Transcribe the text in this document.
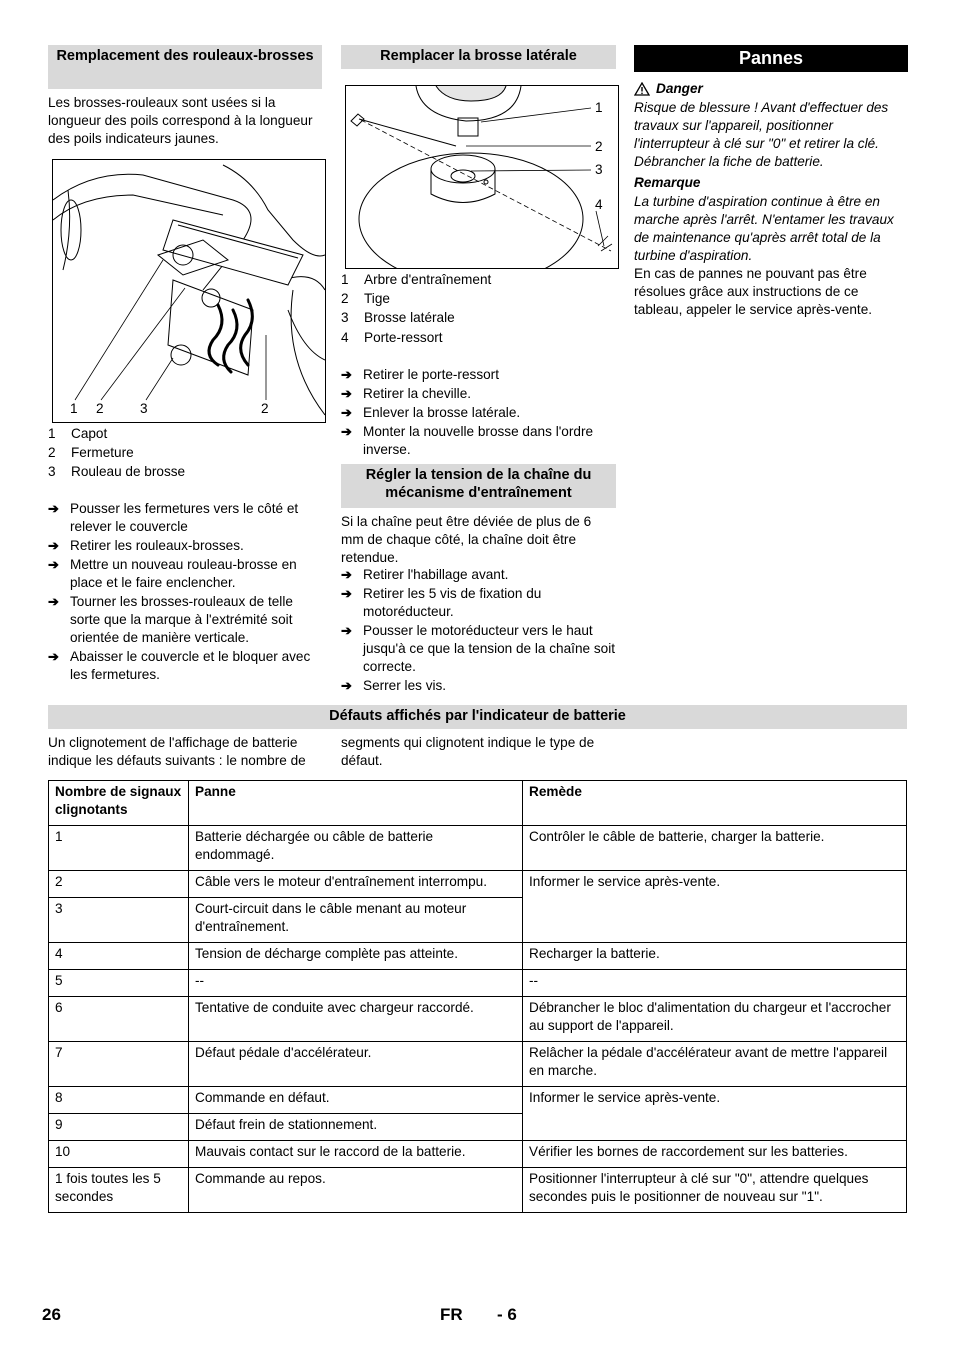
Remplacement des rouleaux-brosses
Les brosses-rouleaux sont usées si la longueur des poils correspond à la longueur des poils indicateurs jaunes.
1 2	3	2
1	Capot
2	Fermeture
3	Rouleau de brosse
➔ Pousser les fermetures vers le côté et relever le couvercle
➔ Retirer les rouleaux-brosses.
➔ Mettre un nouveau rouleau-brosse en place et le faire enclencher.
➔ Tourner les brosses-rouleaux de telle sorte que la marque à l'extrémité soit orientée de manière verticale.
➔ Abaisser le couvercle et le bloquer avec les fermetures.
Remplacer la brosse latérale
1
2
3
4
1	Arbre d'entraînement
2	Tige
3	Brosse latérale
4	Porte-ressort
➔ Retirer le porte-ressort
➔ Retirer la cheville.
➔ Enlever la brosse latérale.
➔ Monter la nouvelle brosse dans l'ordre inverse.
Régler la tension de la chaîne du mécanisme d'entraînement
Si la chaîne peut être déviée de plus de 6 mm de chaque côté, la chaîne doit être retendue.
➔ Retirer l'habillage avant.
➔ Retirer les 5 vis de fixation du motoréducteur.
➔ Pousser le motoréducteur vers le haut jusqu'à ce que la tension de la chaîne soit correcte.
➔ Serrer les vis.
Pannes
Danger
Risque de blessure ! Avant d'effectuer des travaux sur l'appareil, positionner l'interrupteur à clé sur "0" et retirer la clé. Débrancher la fiche de batterie.
Remarque
La turbine d'aspiration continue à être en marche après l'arrêt. N'entamer les travaux de maintenance qu'après arrêt total de la turbine d'aspiration.
En cas de pannes ne pouvant pas être résolues grâce aux instructions de ce tableau, appeler le service après-vente.
Défauts affichés par l'indicateur de batterie
Un clignotement de l'affichage de batterie indique les défauts suivants : le nombre de
segments qui clignotent indique le type de défaut.
Nombre de signaux clignotants	Panne	Remède
1	Batterie déchargée ou câble de batterie endommagé.	Contrôler le câble de batterie, charger la batterie.
2	Câble vers le moteur d'entraînement interrompu.	Informer le service après-vente.
3	Court-circuit dans le câble menant au moteur d'entraînement.	
4	Tension de décharge complète pas atteinte.	Recharger la batterie.
5	--	--
6	Tentative de conduite avec chargeur raccordé.	Débrancher le bloc d'alimentation du chargeur et l'accrocher au support de l'appareil.
7	Défaut pédale d'accélérateur.	Relâcher la pédale d'accélérateur avant de mettre l'appareil en marche.
8	Commande en défaut.	Informer le service après-vente.
9	Défaut frein de stationnement.	
10	Mauvais contact sur le raccord de la batterie.	Vérifier les bornes de raccordement sur les batteries.
1 fois toutes les 5 secondes	Commande au repos.	Positionner l'interrupteur à clé sur "0", attendre quelques secondes puis le positionner de nouveau sur "1".
26	FR - 6
